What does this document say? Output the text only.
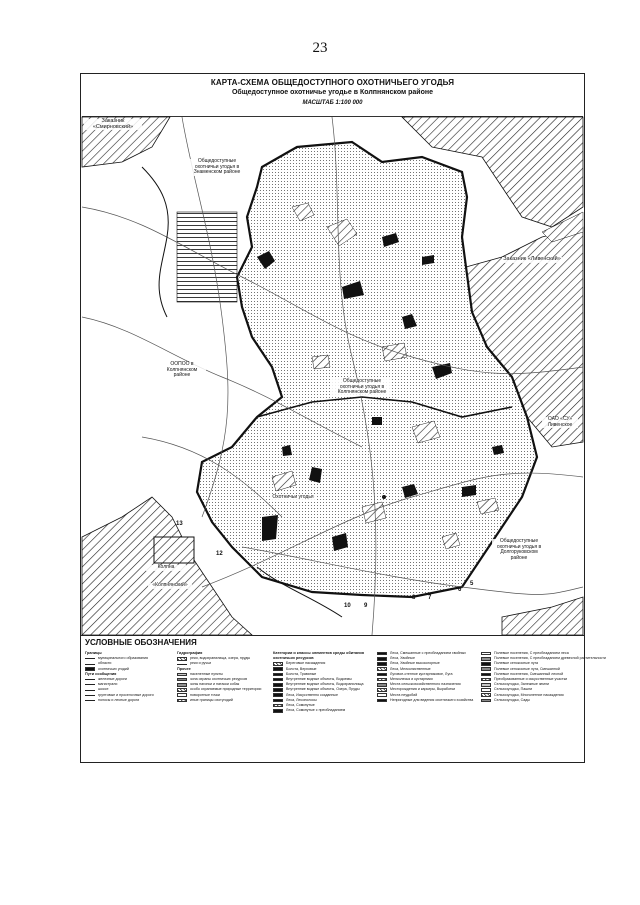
23
КАРТА-СХЕМА ОБЩЕДОСТУПНОГО ОХОТНИЧЬЕГО УГОДЬЯ
Общедоступное охотничье угодье в Колпнянском районе
МАСШТАБ 1:100 000
Заказник «Смирновский»
Общедоступные охотничьи угодья в Знаменском районе
Заказник «Ливенский»
ООПОО в Колпнянском районе
Общедоступные охотничьи угодья в Колпнянском районе
ОАО «СУ» Ливенское
Охотничьи угодья
Общедоступные охотничьи угодья в Долгоруковском районе
Колпна
«Колпнянский»
13
12
10 9
8 7
6
5
УСЛОВНЫЕ ОБОЗНАЧЕНИЯ
Границы
муниципального образования
области
охотничьих угодий
Пути сообщения
железные дороги
магистрали
шоссе
грунтовые и проселочные дороги
полосы и лесные дороги
Гидрография
реки, водохранилища, озера, пруды
реки и ручьи
Прочее
населенные пункты
зона охраны охотничьих ресурсов
зоны нагонки и натаски собак
особо охраняемые природные территории
поворотные точки
иные границы охотугодий
Категории и классы элементов среды обитания охотничьих ресурсов
Береговые насаждения
Болота, Верховые
Болота, Травяные
Внутренние водные объекты, Водоемы
Внутренние водные объекты, Водохранилища
Внутренние водные объекты, Озера, Пруды
Леса, Искусственно созданные
Леса, Лесополосы
Леса, Сомкнутые
Леса, Сомкнутые с преобладанием
Леса, Смешанные с преобладанием хвойных
Леса, Хвойные
Леса, Хвойные высокогорные
Леса, Мелколиственные
Луговое-степное кустарниковое, Луга
Мелколесья и кустарники
Места сельскохозяйственного назначения
Месторождения и карьеры, Выработки
Места неудобий
Непригодные для ведения охотничьего хозяйства
Полевые поселения, С преобладанием леса
Полевые поселения, С преобладанием древесной растительности
Полевые сенокосные луга
Полевые сенокосные луга, Смешанной
Полевые поселения, Смешанный лесной
Преобразованные и искусственные участки
Сельхозугодья, Залежные земли
Сельхозугодья, Пашни
Сельхозугодья, Многолетние насаждения
Сельхозугодья, Сады
